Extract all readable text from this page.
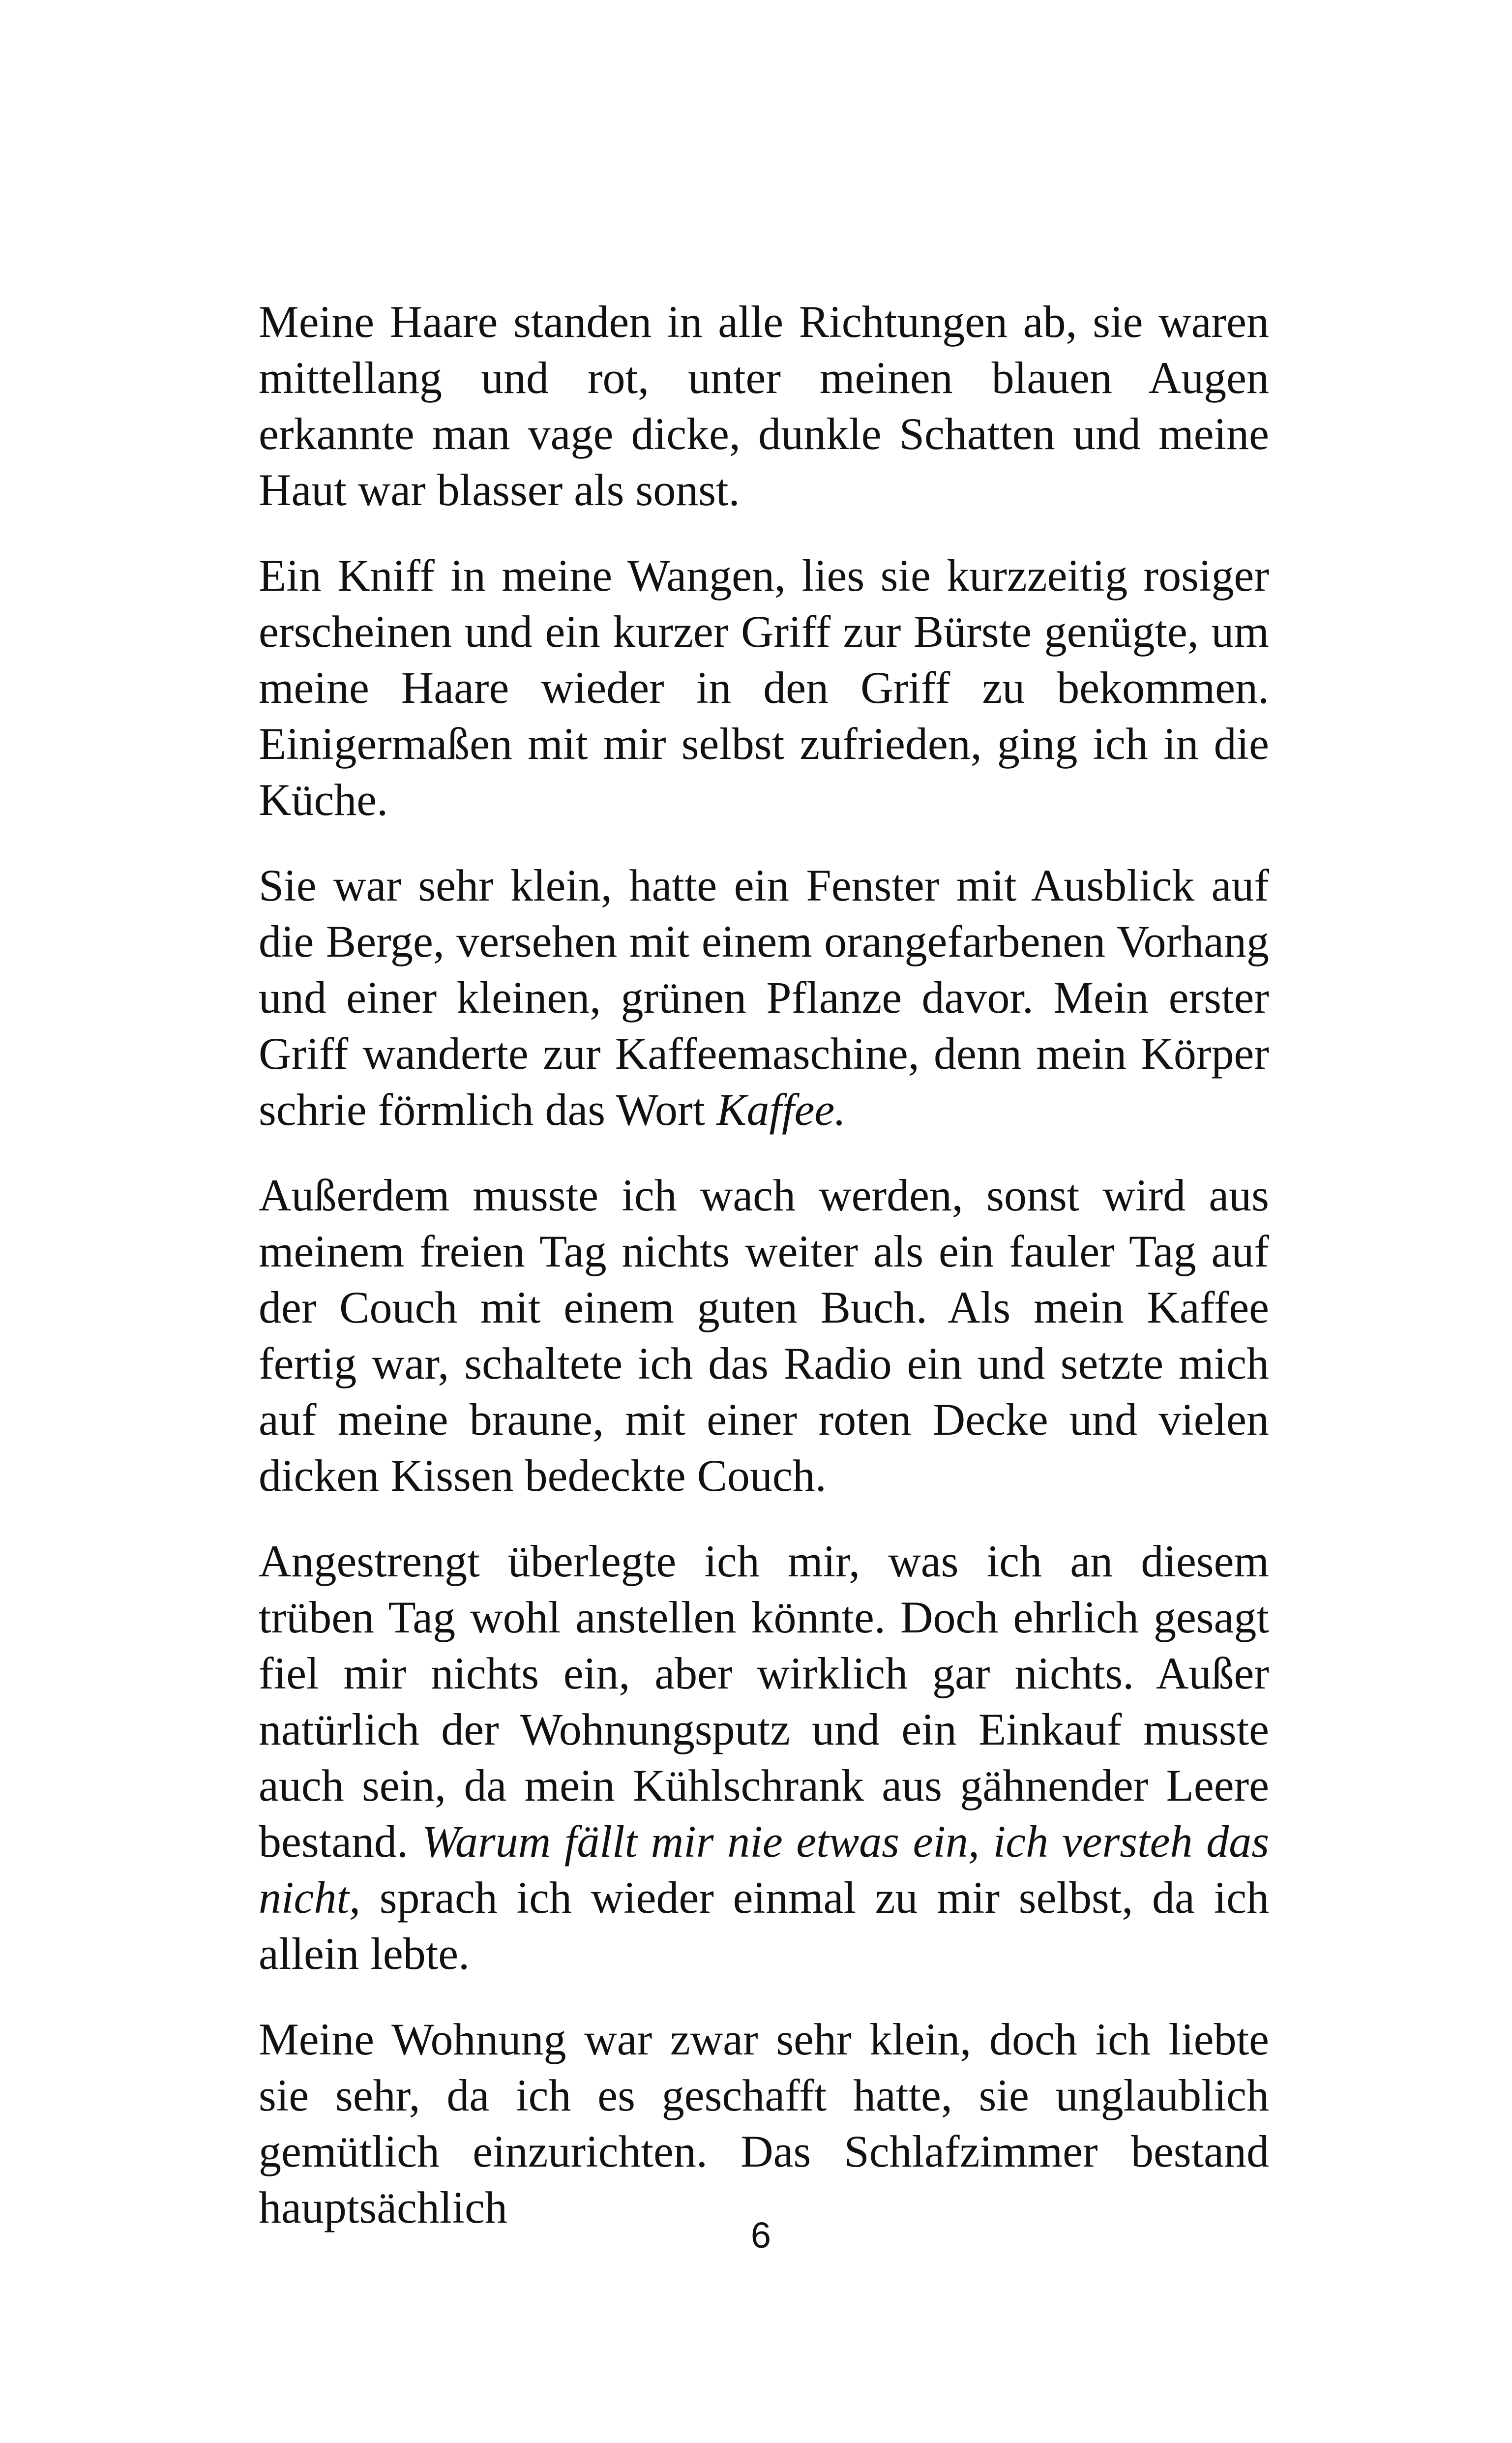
Meine Haare standen in alle Richtungen ab, sie waren mittellang und rot, unter meinen blauen Augen erkannte man vage dicke, dunkle Schatten und meine Haut war blasser als sonst.

Ein Kniff in meine Wangen, lies sie kurzzeitig rosiger erscheinen und ein kurzer Griff zur Bürste genügte, um meine Haare wieder in den Griff zu bekommen. Einigermaßen mit mir selbst zufrieden, ging ich in die Küche.

Sie war sehr klein, hatte ein Fenster mit Ausblick auf die Berge, versehen mit einem orangefarbenen Vorhang und einer kleinen, grünen Pflanze davor. Mein erster Griff wanderte zur Kaffeemaschine, denn mein Körper schrie förmlich das Wort Kaffee.

Außerdem musste ich wach werden, sonst wird aus meinem freien Tag nichts weiter als ein fauler Tag auf der Couch mit einem guten Buch. Als mein Kaffee fertig war, schaltete ich das Radio ein und setzte mich auf meine braune, mit einer roten Decke und vielen dicken Kissen bedeckte Couch.

Angestrengt überlegte ich mir, was ich an diesem trüben Tag wohl anstellen könnte. Doch ehrlich gesagt fiel mir nichts ein, aber wirklich gar nichts. Außer natürlich der Wohnungsputz und ein Einkauf musste auch sein, da mein Kühlschrank aus gähnender Leere bestand. Warum fällt mir nie etwas ein, ich versteh das nicht, sprach ich wieder einmal zu mir selbst, da ich allein lebte.

Meine Wohnung war zwar sehr klein, doch ich liebte sie sehr, da ich es geschafft hatte, sie unglaublich gemütlich einzurichten. Das Schlafzimmer bestand hauptsächlich

6
